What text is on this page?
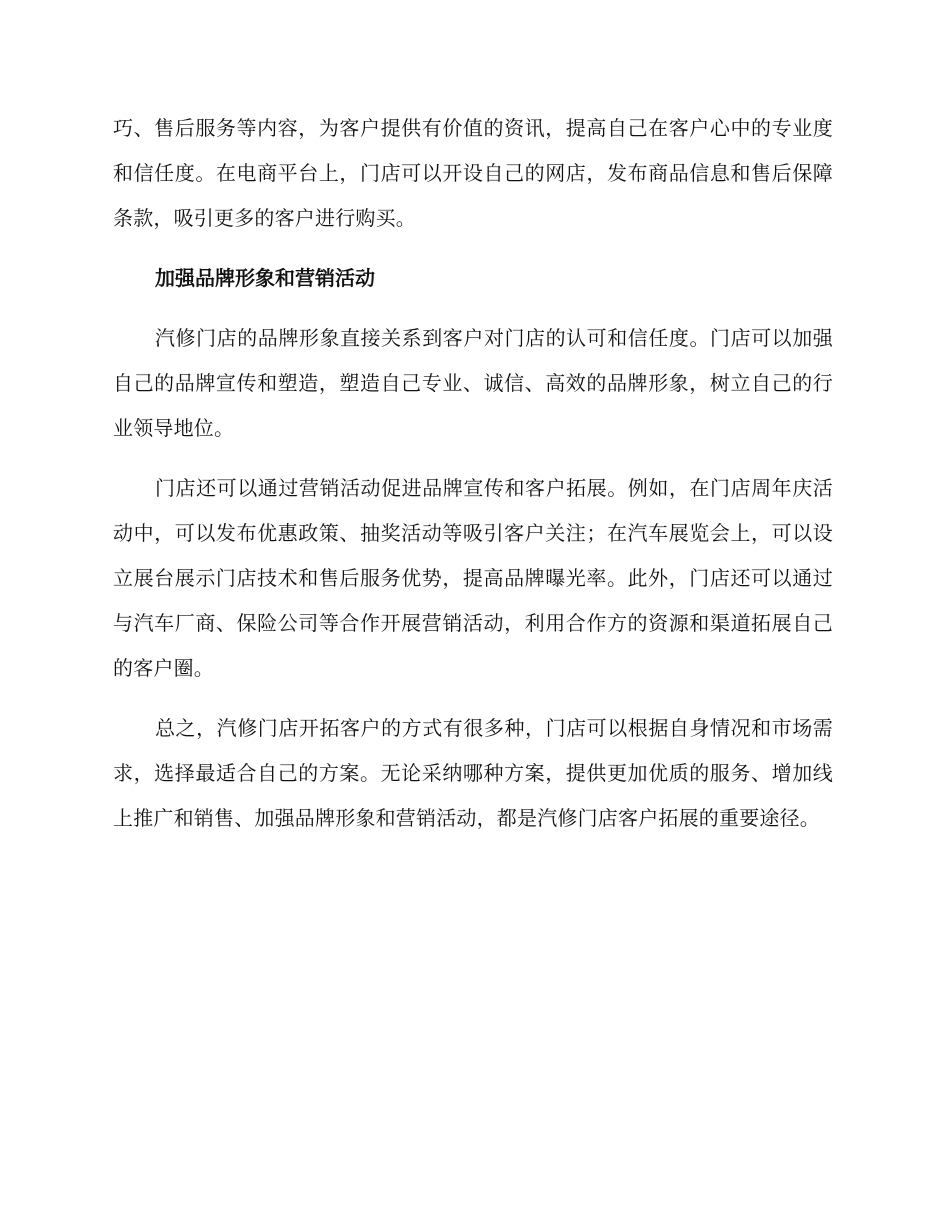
巧、售后服务等内容，为客户提供有价值的资讯，提高自己在客户心中的专业度和信任度。在电商平台上，门店可以开设自己的网店，发布商品信息和售后保障条款，吸引更多的客户进行购买。

加强品牌形象和营销活动

汽修门店的品牌形象直接关系到客户对门店的认可和信任度。门店可以加强自己的品牌宣传和塑造，塑造自己专业、诚信、高效的品牌形象，树立自己的行业领导地位。

门店还可以通过营销活动促进品牌宣传和客户拓展。例如，在门店周年庆活动中，可以发布优惠政策、抽奖活动等吸引客户关注；在汽车展览会上，可以设立展台展示门店技术和售后服务优势，提高品牌曝光率。此外，门店还可以通过与汽车厂商、保险公司等合作开展营销活动，利用合作方的资源和渠道拓展自己的客户圈。

总之，汽修门店开拓客户的方式有很多种，门店可以根据自身情况和市场需求，选择最适合自己的方案。无论采纳哪种方案，提供更加优质的服务、增加线上推广和销售、加强品牌形象和营销活动，都是汽修门店客户拓展的重要途径。
